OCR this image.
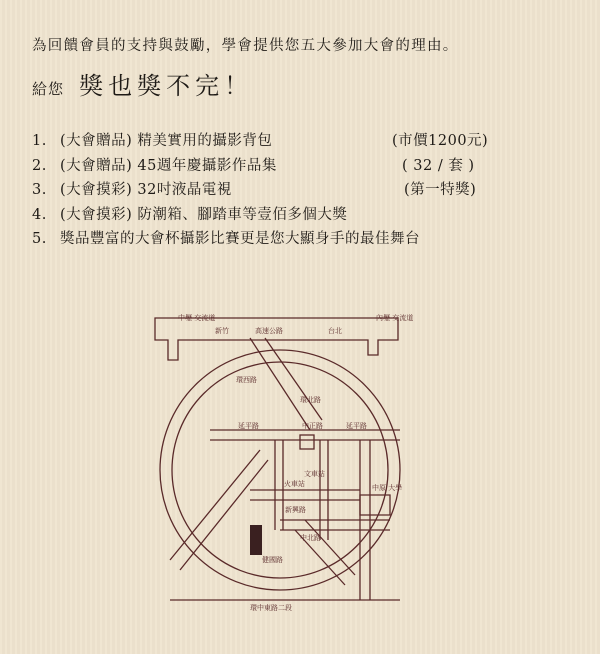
為回饋會員的支持與鼓勵，學會提供您五大參加大會的理由。
給您 獎也獎不完！
1. (大會贈品) 精美實用的攝影背包	(市價1200元)
2. (大會贈品) 45週年慶攝影作品集	( 32 / 套 )
3. (大會摸彩) 32吋液晶電視	(第一特獎)
4. (大會摸彩) 防潮箱、腳踏車等壹佰多個大獎
5. 獎品豐富的大會杯攝影比賽更是您大顯身手的最佳舞台
中壢 交流道	內壢 交流道
新竹	高速公路	台北
環西路
環北路
延平路	延平路
中正路
文車站
火車站
新興路
中北路
健國路
環中東路二段
中原 大學
